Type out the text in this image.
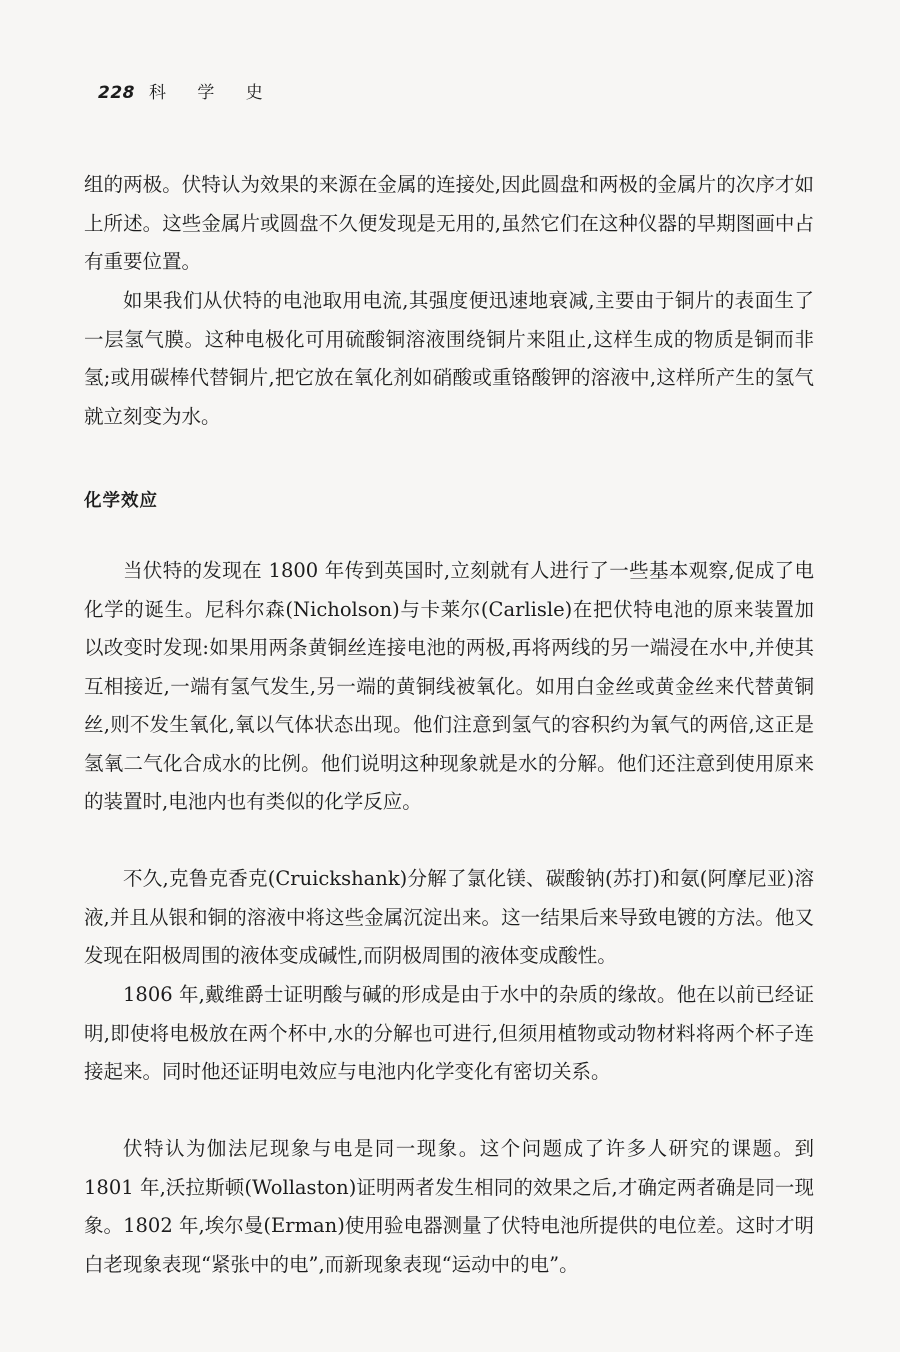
228 科 学 史

组的两极。伏特认为效果的来源在金属的连接处,因此圆盘和两极的金属片的次序才如上所述。这些金属片或圆盘不久便发现是无用的,虽然它们在这种仪器的早期图画中占有重要位置。

如果我们从伏特的电池取用电流,其强度便迅速地衰减,主要由于铜片的表面生了一层氢气膜。这种电极化可用硫酸铜溶液围绕铜片来阻止,这样生成的物质是铜而非氢;或用碳棒代替铜片,把它放在氧化剂如硝酸或重铬酸钾的溶液中,这样所产生的氢气就立刻变为水。

化学效应

当伏特的发现在 1800 年传到英国时,立刻就有人进行了一些基本观察,促成了电化学的诞生。尼科尔森(Nicholson)与卡莱尔(Carlisle)在把伏特电池的原来装置加以改变时发现:如果用两条黄铜丝连接电池的两极,再将两线的另一端浸在水中,并使其互相接近,一端有氢气发生,另一端的黄铜线被氧化。如用白金丝或黄金丝来代替黄铜丝,则不发生氧化,氧以气体状态出现。他们注意到氢气的容积约为氧气的两倍,这正是氢氧二气化合成水的比例。他们说明这种现象就是水的分解。他们还注意到使用原来的装置时,电池内也有类似的化学反应。

不久,克鲁克香克(Cruickshank)分解了氯化镁、碳酸钠(苏打)和氨(阿摩尼亚)溶液,并且从银和铜的溶液中将这些金属沉淀出来。这一结果后来导致电镀的方法。他又发现在阳极周围的液体变成碱性,而阴极周围的液体变成酸性。

1806 年,戴维爵士证明酸与碱的形成是由于水中的杂质的缘故。他在以前已经证明,即使将电极放在两个杯中,水的分解也可进行,但须用植物或动物材料将两个杯子连接起来。同时他还证明电效应与电池内化学变化有密切关系。

伏特认为伽法尼现象与电是同一现象。这个问题成了许多人研究的课题。到 1801 年,沃拉斯顿(Wollaston)证明两者发生相同的效果之后,才确定两者确是同一现象。1802 年,埃尔曼(Erman)使用验电器测量了伏特电池所提供的电位差。这时才明白老现象表现“紧张中的电”,而新现象表现“运动中的电”。
